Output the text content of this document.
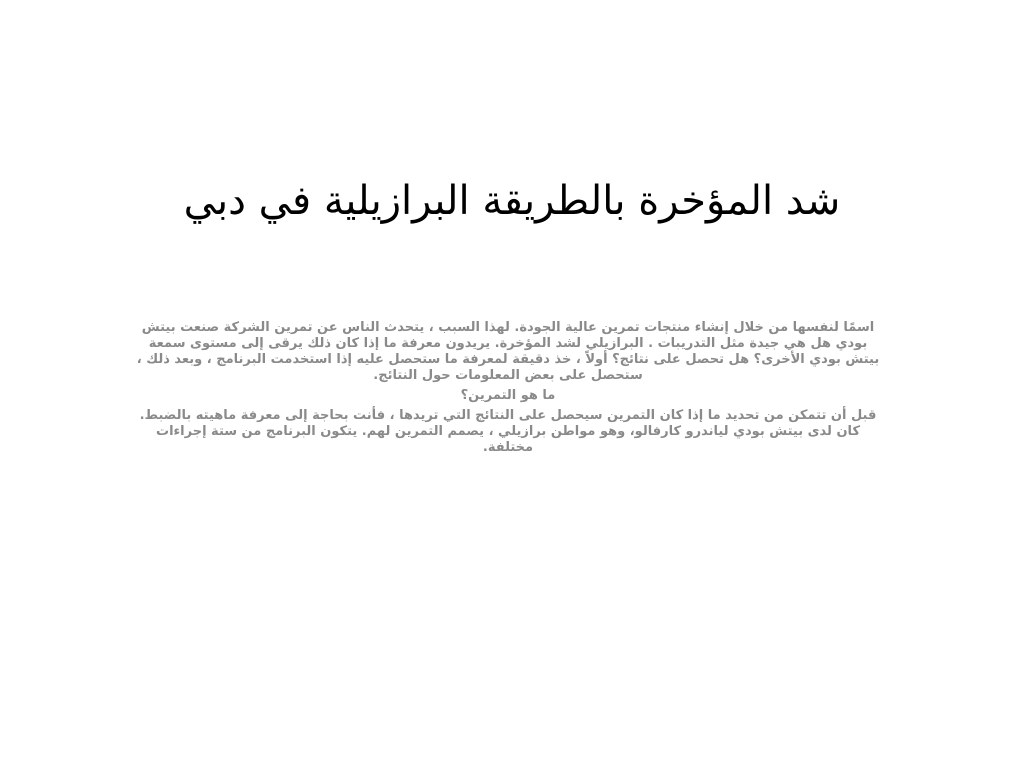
شد المؤخرة بالطريقة البرازيلية في دبي

اسمًا لنفسها من خلال إنشاء منتجات تمرين عالية الجودة. لهذا السبب ، يتحدث الناس عن تمرين الشركة صنعت بيتش بودي هل هي جيدة مثل التدريبات . البرازيلي لشد المؤخرة. يريدون معرفة ما إذا كان ذلك يرقى إلى مستوى سمعة بيتش بودي الأخرى؟ هل تحصل على نتائج؟ أولاً ، خذ دقيقة لمعرفة ما ستحصل عليه إذا استخدمت البرنامج ، وبعد ذلك ، ستحصل على بعض المعلومات حول النتائج.

ما هو التمرين؟

قبل أن تتمكن من تحديد ما إذا كان التمرين سيحصل على النتائج التي تريدها ، فأنت بحاجة إلى معرفة ماهيته بالضبط. كان لدى بيتش بودي لياندرو كارفالو، وهو مواطن برازيلي ، يصمم التمرين لهم. يتكون البرنامج من ستة إجراءات مختلفة.
